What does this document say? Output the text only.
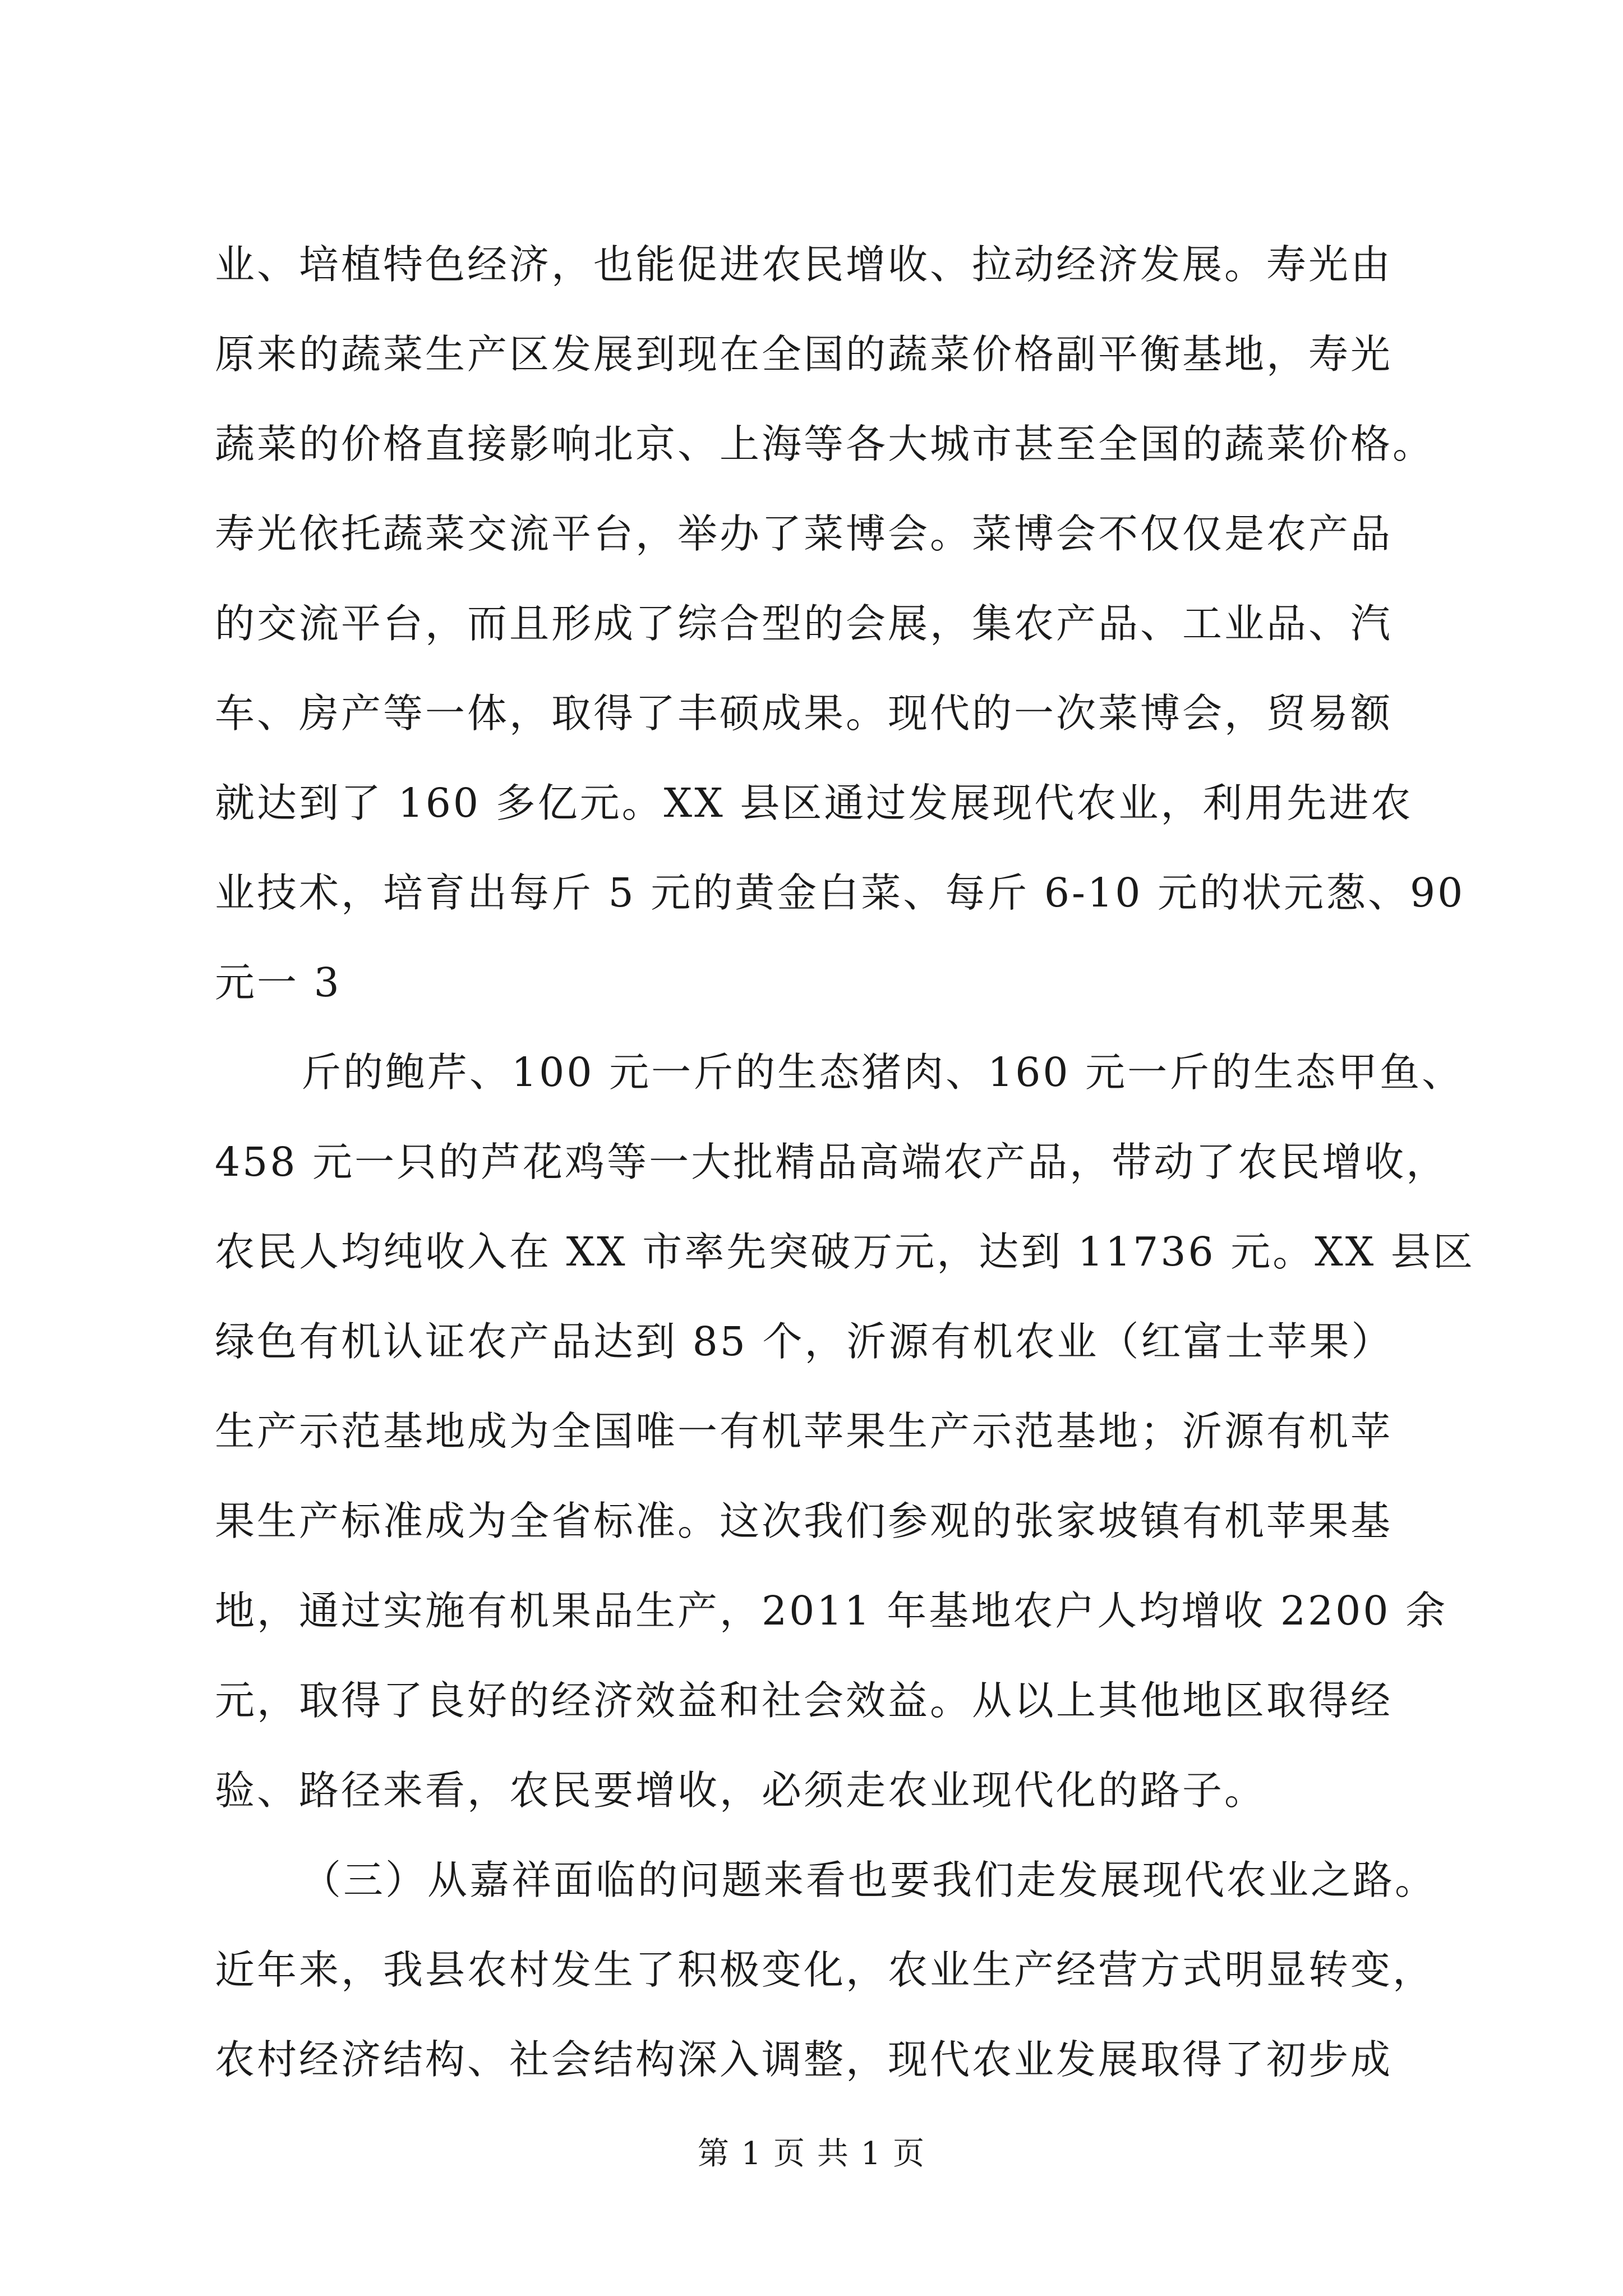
业、培植特色经济，也能促进农民增收、拉动经济发展。寿光由
原来的蔬菜生产区发展到现在全国的蔬菜价格副平衡基地，寿光
蔬菜的价格直接影响北京、上海等各大城市甚至全国的蔬菜价格。
寿光依托蔬菜交流平台，举办了菜博会。菜博会不仅仅是农产品
的交流平台，而且形成了综合型的会展，集农产品、工业品、汽
车、房产等一体，取得了丰硕成果。现代的一次菜博会，贸易额
就达到了 160 多亿元。XX 县区通过发展现代农业，利用先进农
业技术，培育出每斤 5 元的黄金白菜、每斤 6-10 元的状元葱、90
元一 3
斤的鲍芹、100 元一斤的生态猪肉、160 元一斤的生态甲鱼、
458 元一只的芦花鸡等一大批精品高端农产品，带动了农民增收，
农民人均纯收入在 XX 市率先突破万元，达到 11736 元。XX 县区
绿色有机认证农产品达到 85 个，沂源有机农业（红富士苹果）
生产示范基地成为全国唯一有机苹果生产示范基地；沂源有机苹
果生产标准成为全省标准。这次我们参观的张家坡镇有机苹果基
地，通过实施有机果品生产，2011 年基地农户人均增收 2200 余
元，取得了良好的经济效益和社会效益。从以上其他地区取得经
验、路径来看，农民要增收，必须走农业现代化的路子。
（三）从嘉祥面临的问题来看也要我们走发展现代农业之路。
近年来，我县农村发生了积极变化，农业生产经营方式明显转变，
第 1 页 共 1 页
农村经济结构、社会结构深入调整，现代农业发展取得了初步成
